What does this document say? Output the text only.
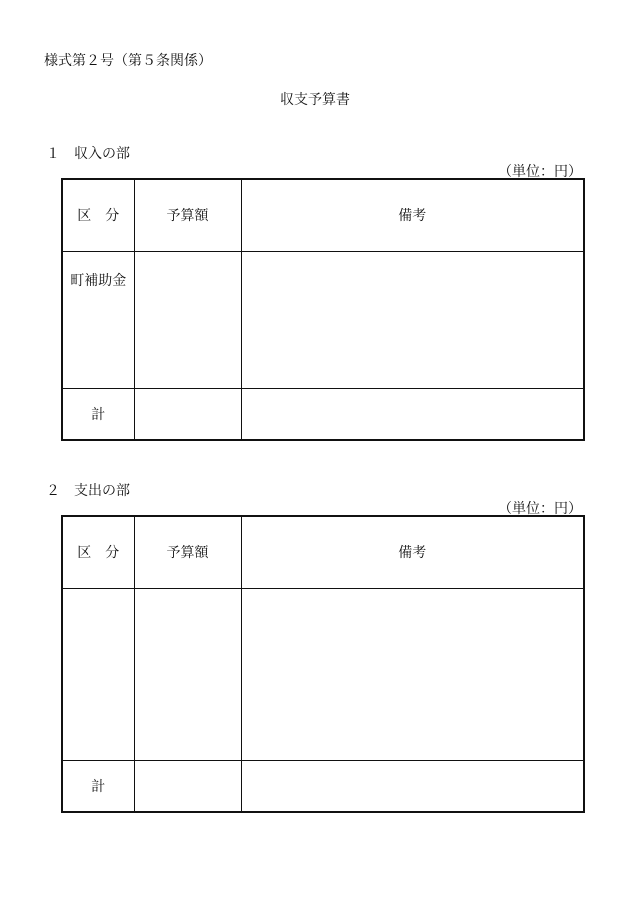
様式第２号（第５条関係）
収支予算書
１　収入の部
（単位：円）
区　分	予算額	備考
町補助金		
計		
２　支出の部
（単位：円）
区　分	予算額	備考

計		
